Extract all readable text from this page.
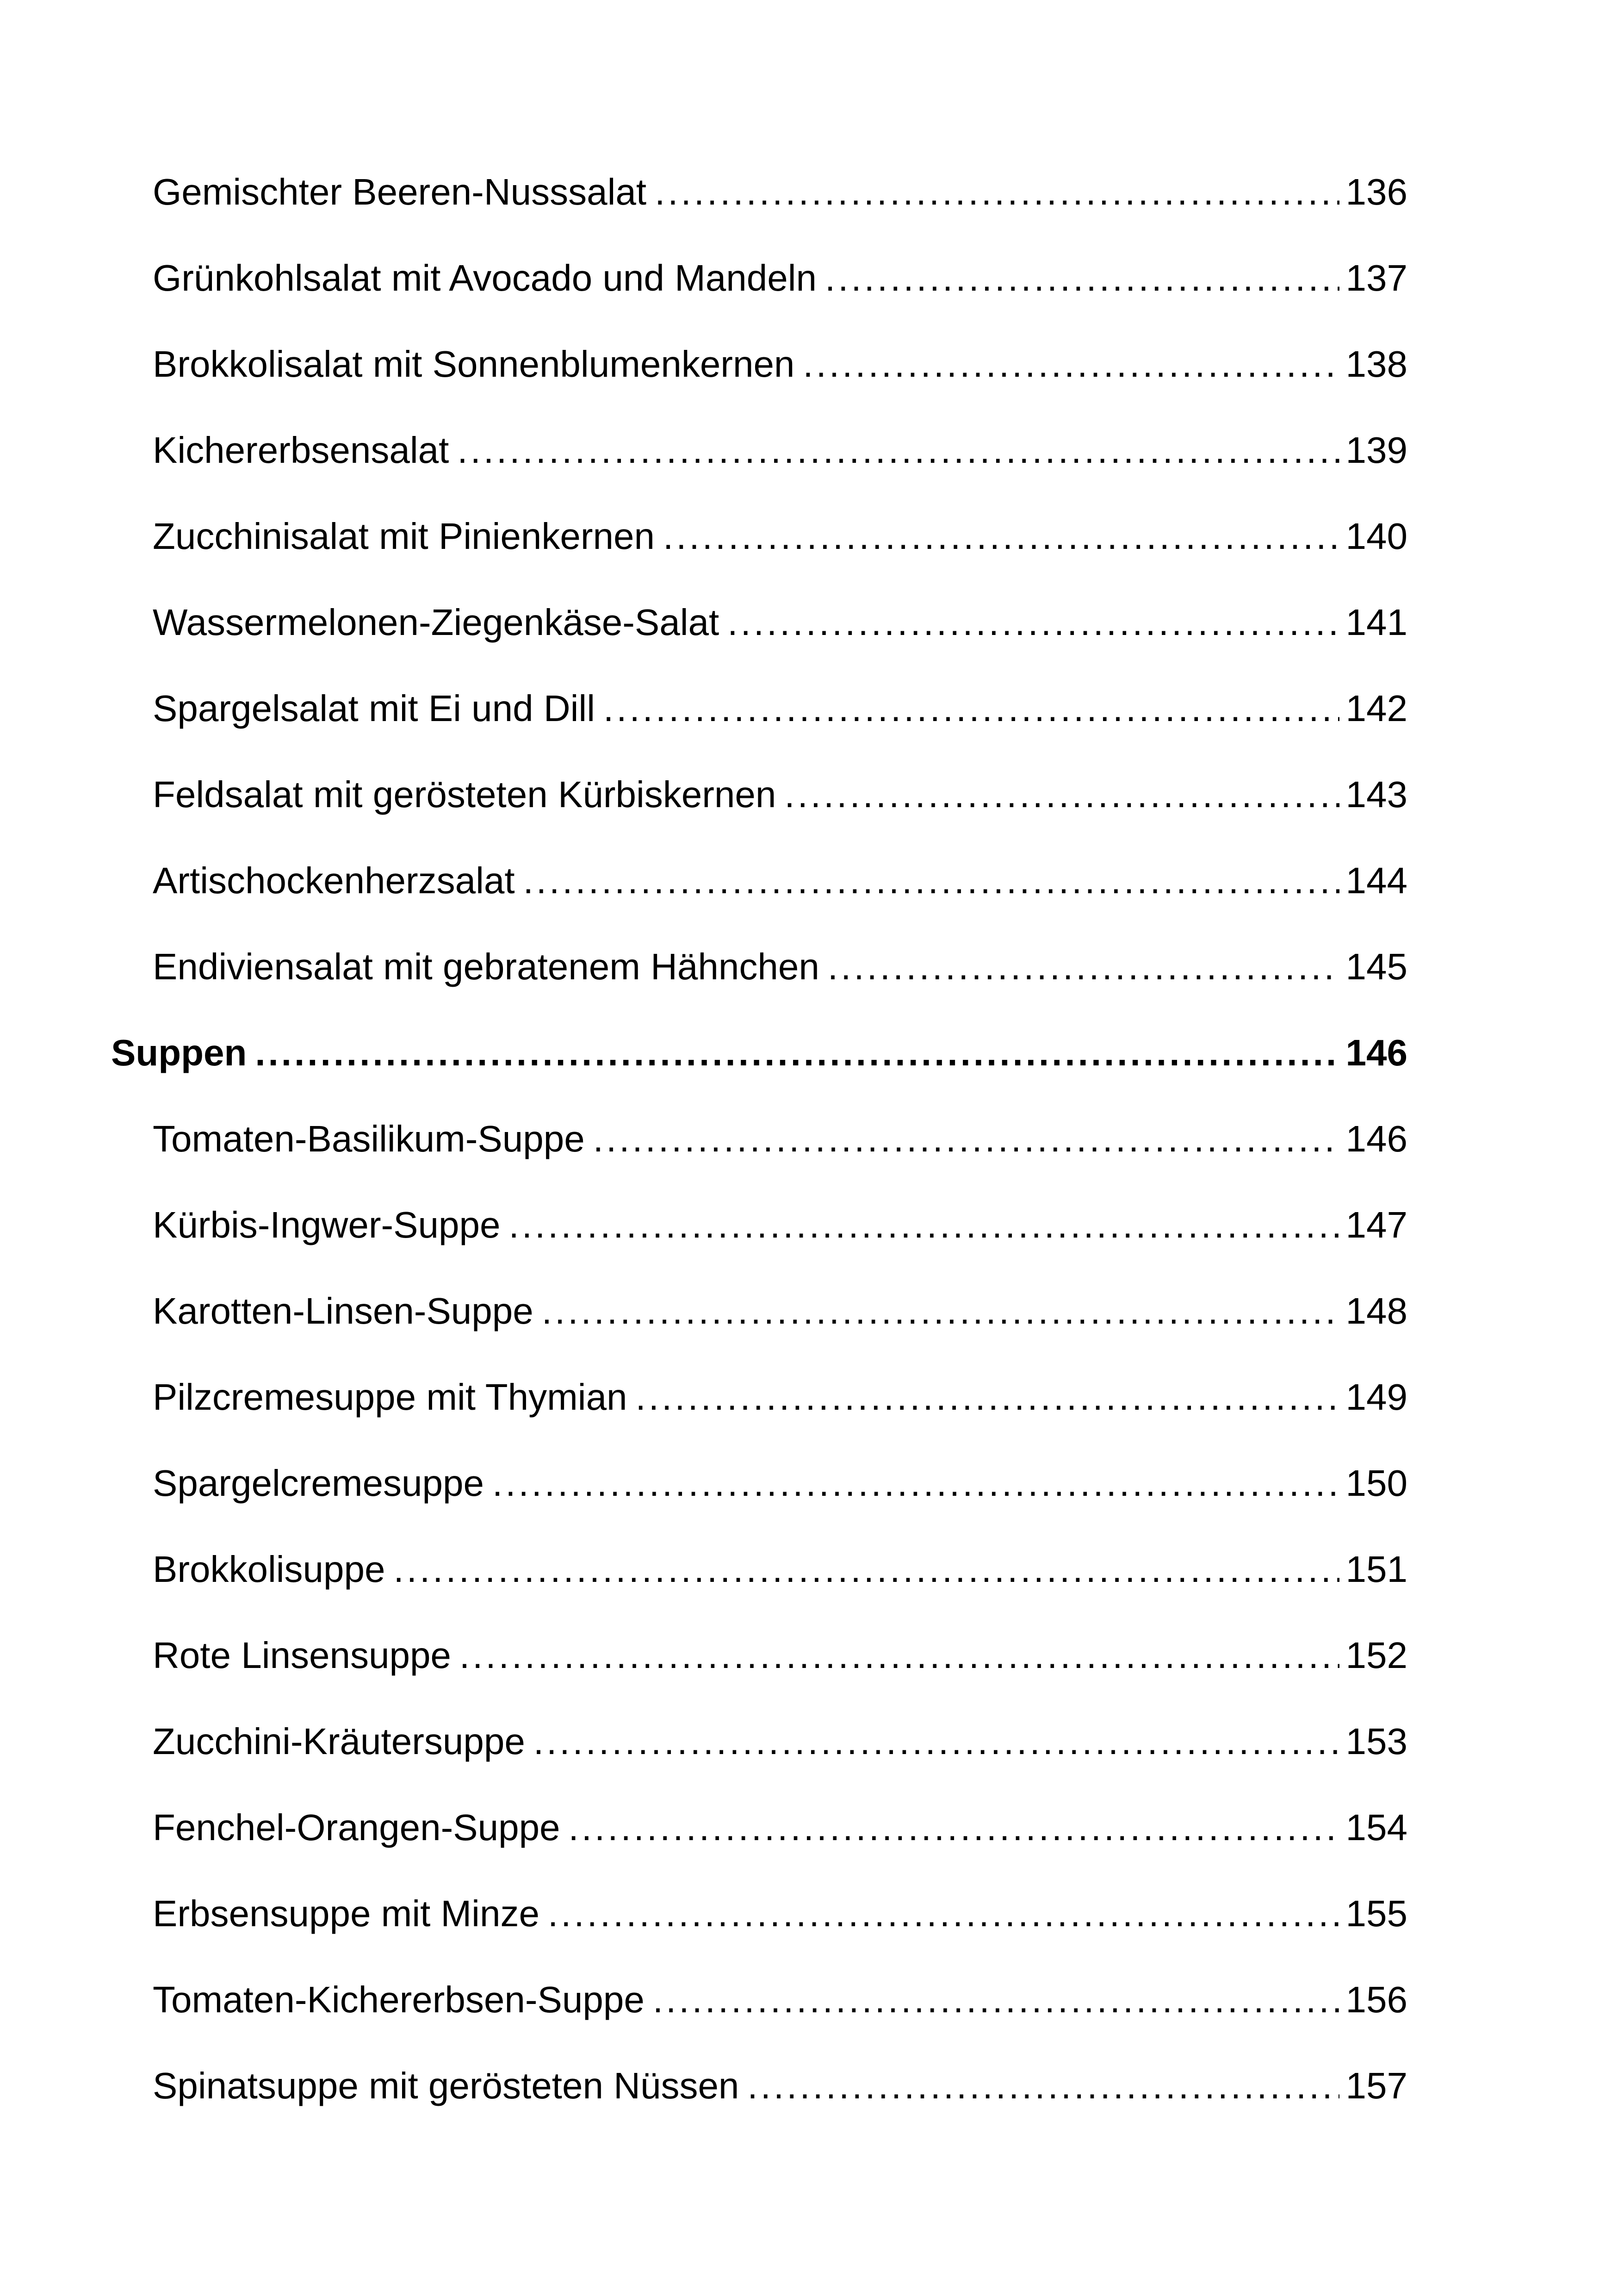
Gemischter Beeren-Nusssalat .....	136
Grünkohlsalat mit Avocado und Mandeln .....	137
Brokkolisalat mit Sonnenblumenkernen .....	138
Kichererbsensalat .....	139
Zucchinisalat mit Pinienkernen .....	140
Wassermelonen-Ziegenkäse-Salat .....	141
Spargelsalat mit Ei und Dill .....	142
Feldsalat mit gerösteten Kürbiskernen .....	143
Artischockenherzsalat .....	144
Endiviensalat mit gebratenem Hähnchen .....	145
Suppen .....	146
Tomaten-Basilikum-Suppe .....	146
Kürbis-Ingwer-Suppe .....	147
Karotten-Linsen-Suppe .....	148
Pilzcremesuppe mit Thymian .....	149
Spargelcremesuppe .....	150
Brokkolisuppe .....	151
Rote Linsensuppe .....	152
Zucchini-Kräutersuppe .....	153
Fenchel-Orangen-Suppe .....	154
Erbsensuppe mit Minze .....	155
Tomaten-Kichererbsen-Suppe .....	156
Spinatsuppe mit gerösteten Nüssen .....	157
